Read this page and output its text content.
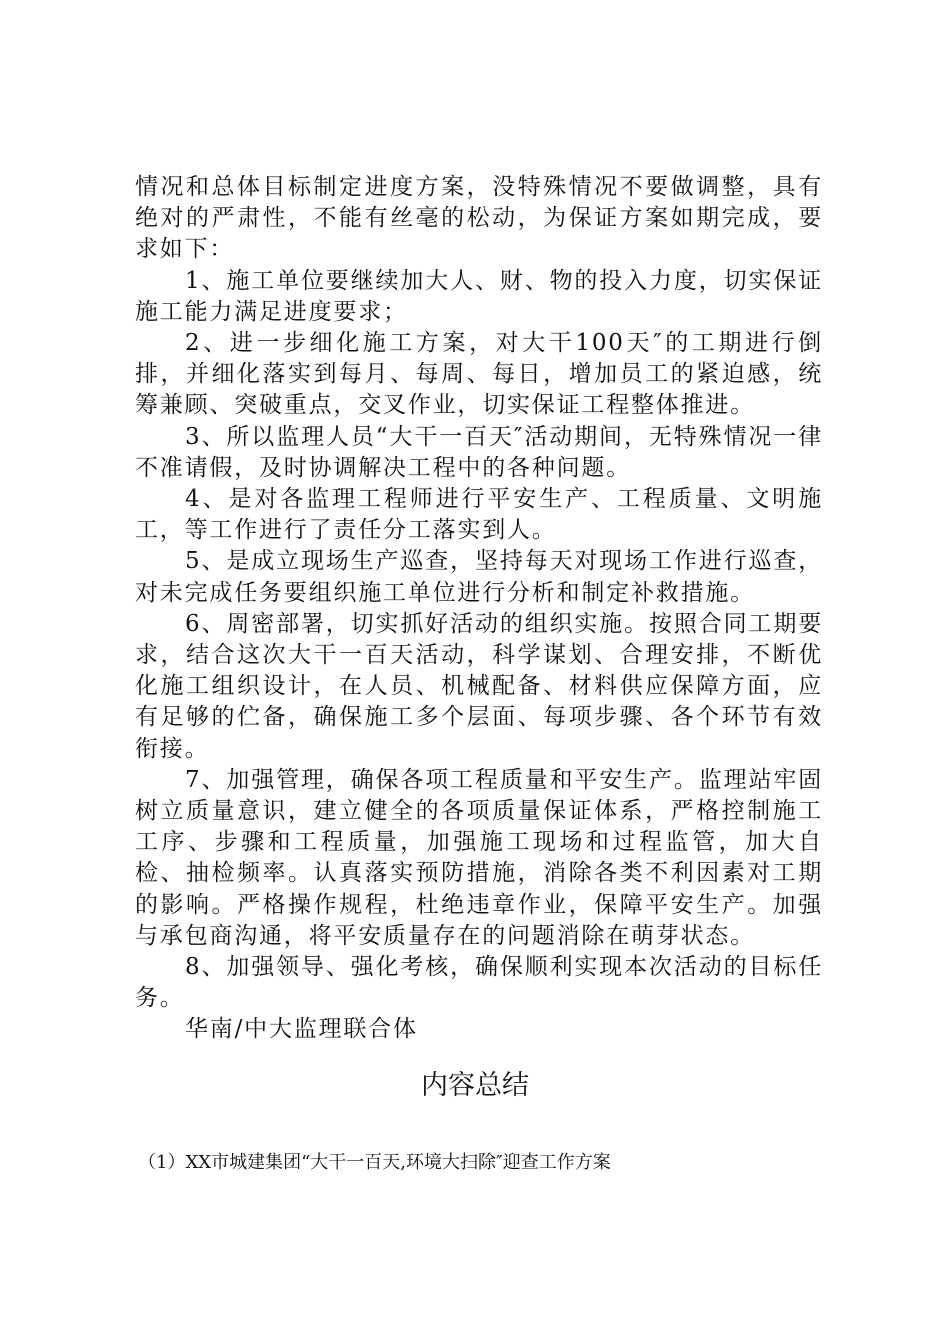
情况和总体目标制定进度方案，没特殊情况不要做调整，具有绝对的严肃性，不能有丝毫的松动，为保证方案如期完成，要求如下：

1、施工单位要继续加大人、财、物的投入力度，切实保证施工能力满足进度要求；

2、进一步细化施工方案，对大干100天″的工期进行倒排，并细化落实到每月、每周、每日，增加员工的紧迫感，统筹兼顾、突破重点，交叉作业，切实保证工程整体推进。

3、所以监理人员“大干一百天″活动期间，无特殊情况一律不准请假，及时协调解决工程中的各种问题。

4、是对各监理工程师进行平安生产、工程质量、文明施工，等工作进行了责任分工落实到人。

5、是成立现场生产巡查，坚持每天对现场工作进行巡查，对未完成任务要组织施工单位进行分析和制定补救措施。

6、周密部署，切实抓好活动的组织实施。按照合同工期要求，结合这次大干一百天活动，科学谋划、合理安排，不断优化施工组织设计，在人员、机械配备、材料供应保障方面，应有足够的伫备，确保施工多个层面、每项步骤、各个环节有效衔接。

7、加强管理，确保各项工程质量和平安生产。监理站牢固树立质量意识，建立健全的各项质量保证体系，严格控制施工工序、步骤和工程质量，加强施工现场和过程监管，加大自检、抽检频率。认真落实预防措施，消除各类不利因素对工期的影响。严格操作规程，杜绝违章作业，保障平安生产。加强与承包商沟通，将平安质量存在的问题消除在萌芽状态。

8、加强领导、强化考核，确保顺利实现本次活动的目标任务。

华南/中大监理联合体

内容总结

（1）XX市城建集团“大干一百天,环境大扫除″迎查工作方案
